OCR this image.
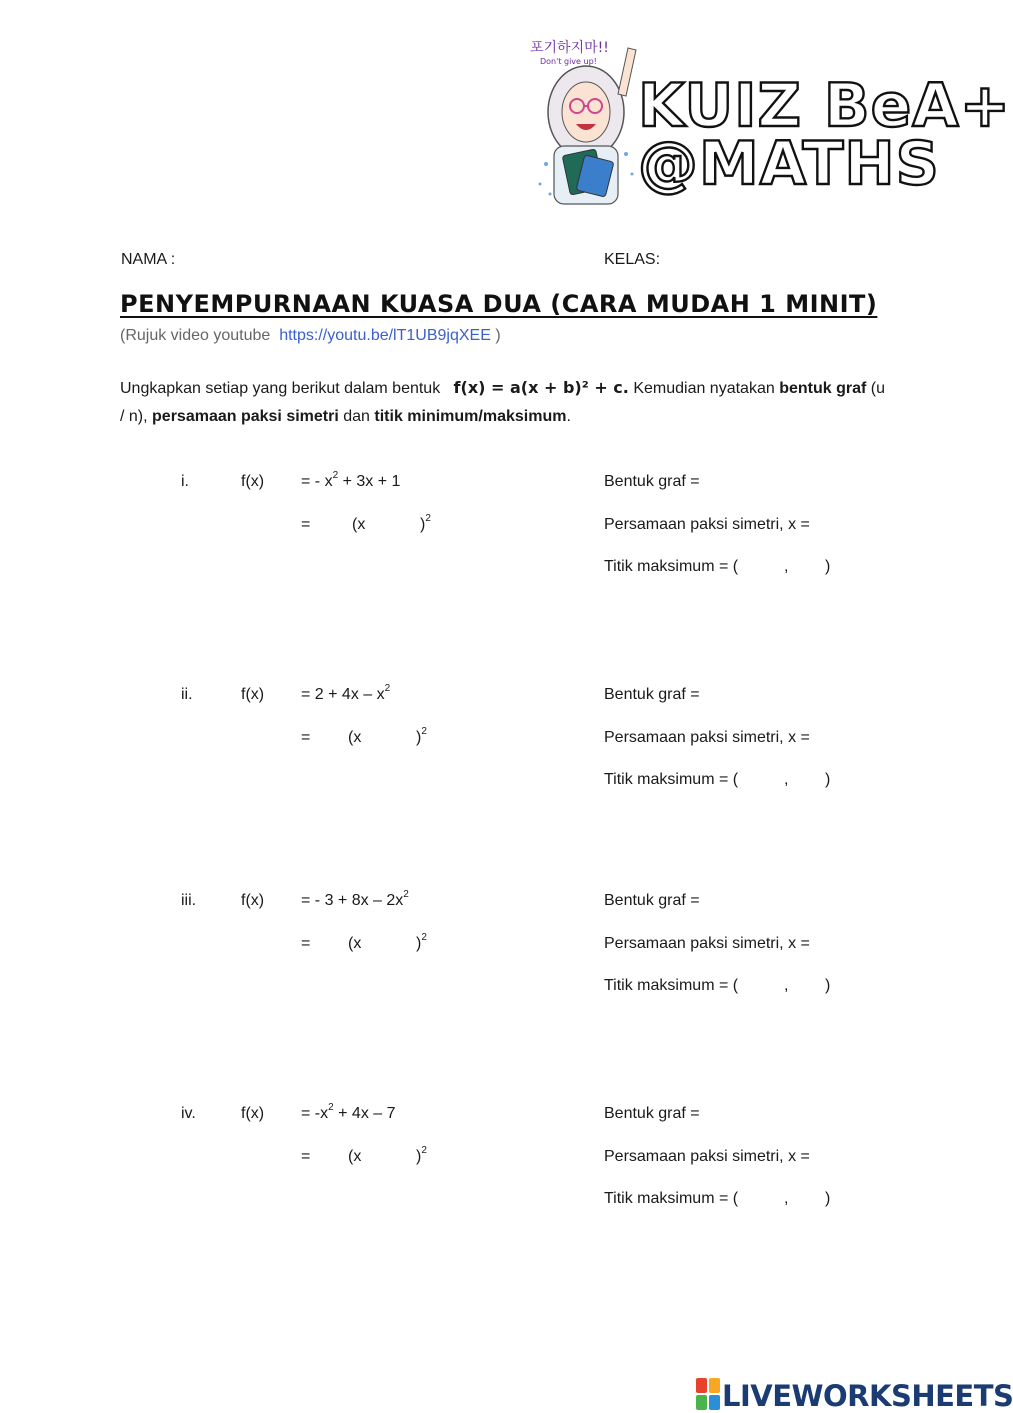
포기하지마!!
Don't give up!
KUIZ BeA+
@MATHS
NAMA :	KELAS:
PENYEMPURNAAN KUASA DUA (CARA MUDAH 1 MINIT)
(Rujuk video youtube https://youtu.be/lT1UB9jqXEE )
Ungkapkan setiap yang berikut dalam bentuk f(x) = a(x + b)² + c. Kemudian nyatakan bentuk graf (u / n), persamaan paksi simetri dan titik minimum/maksimum.
i.	f(x) = - $x^2 + 3x + 1$
=	(x	)$^2$
Bentuk graf =
Persamaan paksi simetri, x =
Titik maksimum = (	, )
ii.	$f(x) = 2 + 4x - x^2$
= (x	)$^2$
Bentuk graf =
Persamaan paksi simetri, x =
Titik maksimum = (	, )
iii.	f(x) = - $3 + 8x - 2x^2$
= (x	)$^2$
Bentuk graf =
Persamaan paksi simetri, x =
Titik maksimum = (	, )
iv.	$f(x) = -x^2 + 4x - 7$
= (x	)$^2$
Bentuk graf =
Persamaan paksi simetri, x =
Titik maksimum = (	, )
LIVEWORKSHEETS
